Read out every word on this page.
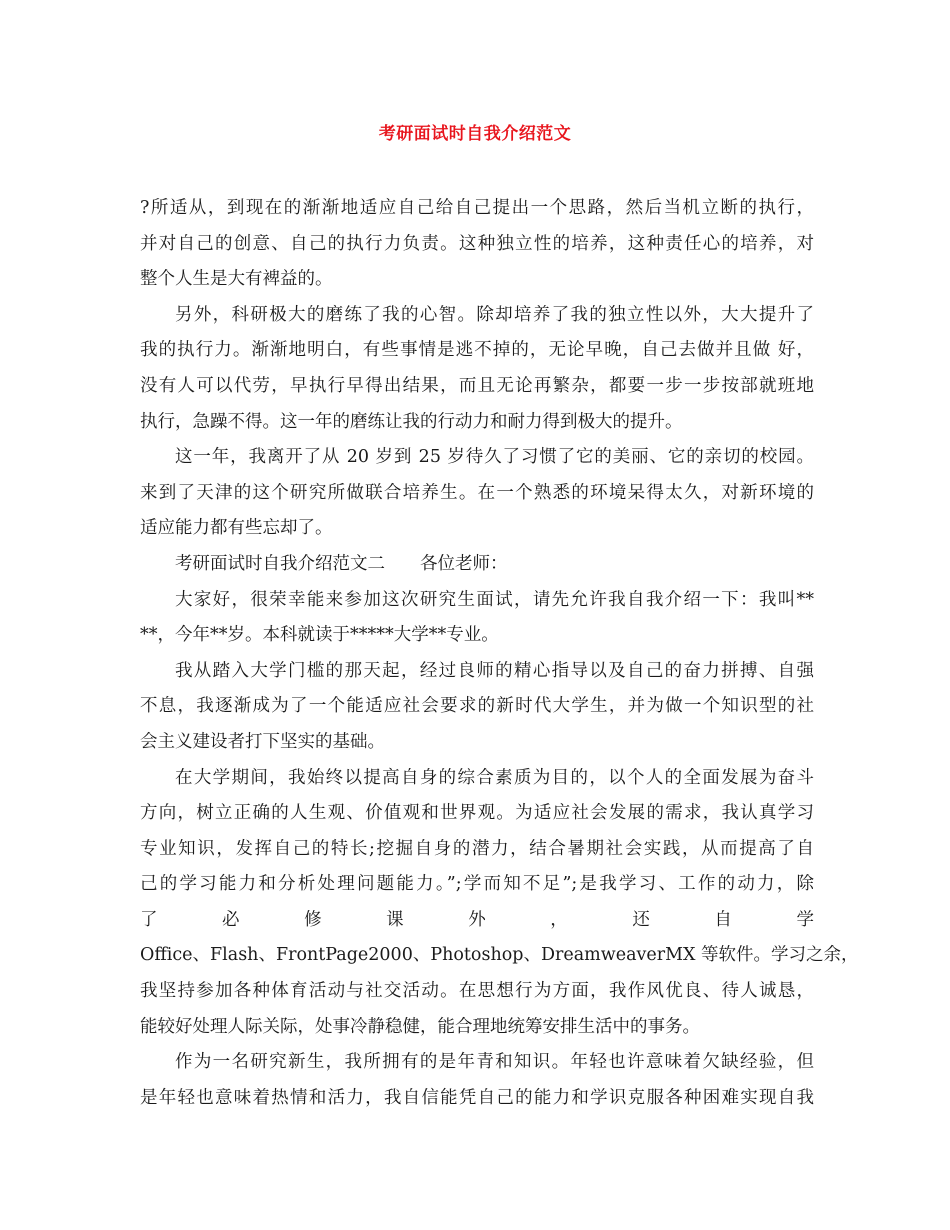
考研面试时自我介绍范文
?所适从，到现在的渐渐地适应自己给自己提出一个思路，然后当机立断的执行，
并对自己的创意、自己的执行力负责。这种独立性的培养，这种责任心的培养，对
整个人生是大有裨益的。
另外，科研极大的磨练了我的心智。除却培养了我的独立性以外，大大提升了
我的执行力。渐渐地明白，有些事情是逃不掉的，无论早晚，自己去做并且做 好，
没有人可以代劳，早执行早得出结果，而且无论再繁杂，都要一步一步按部就班地
执行，急躁不得。这一年的磨练让我的行动力和耐力得到极大的提升。
这一年，我离开了从 20 岁到 25 岁待久了习惯了它的美丽、它的亲切的校园。
来到了天津的这个研究所做联合培养生。在一个熟悉的环境呆得太久，对新环境的
适应能力都有些忘却了。
考研面试时自我介绍范文二　　各位老师：
大家好，很荣幸能来参加这次研究生面试，请先允许我自我介绍一下：我叫**
**，今年**岁。本科就读于*****大学**专业。
我从踏入大学门槛的那天起，经过良师的精心指导以及自己的奋力拼搏、自强
不息，我逐渐成为了一个能适应社会要求的新时代大学生，并为做一个知识型的社
会主义建设者打下坚实的基础。
在大学期间，我始终以提高自身的综合素质为目的，以个人的全面发展为奋斗
方向，树立正确的人生观、价值观和世界观。为适应社会发展的需求，我认真学习
专业知识，发挥自己的特长;挖掘自身的潜力，结合暑期社会实践，从而提高了自
己的学习能力和分析处理问题能力。”;学而知不足”;是我学习、工作的动力，除
了 必 修 课 外 ， 还 自 学
Office、Flash、FrontPage2000、Photoshop、DreamweaverMX 等软件。学习之余，
我坚持参加各种体育活动与社交活动。在思想行为方面，我作风优良、待人诚恳，
能较好处理人际关际，处事冷静稳健，能合理地统筹安排生活中的事务。
作为一名研究新生，我所拥有的是年青和知识。年轻也许意味着欠缺经验，但
是年轻也意味着热情和活力，我自信能凭自己的能力和学识克服各种困难实现自我
